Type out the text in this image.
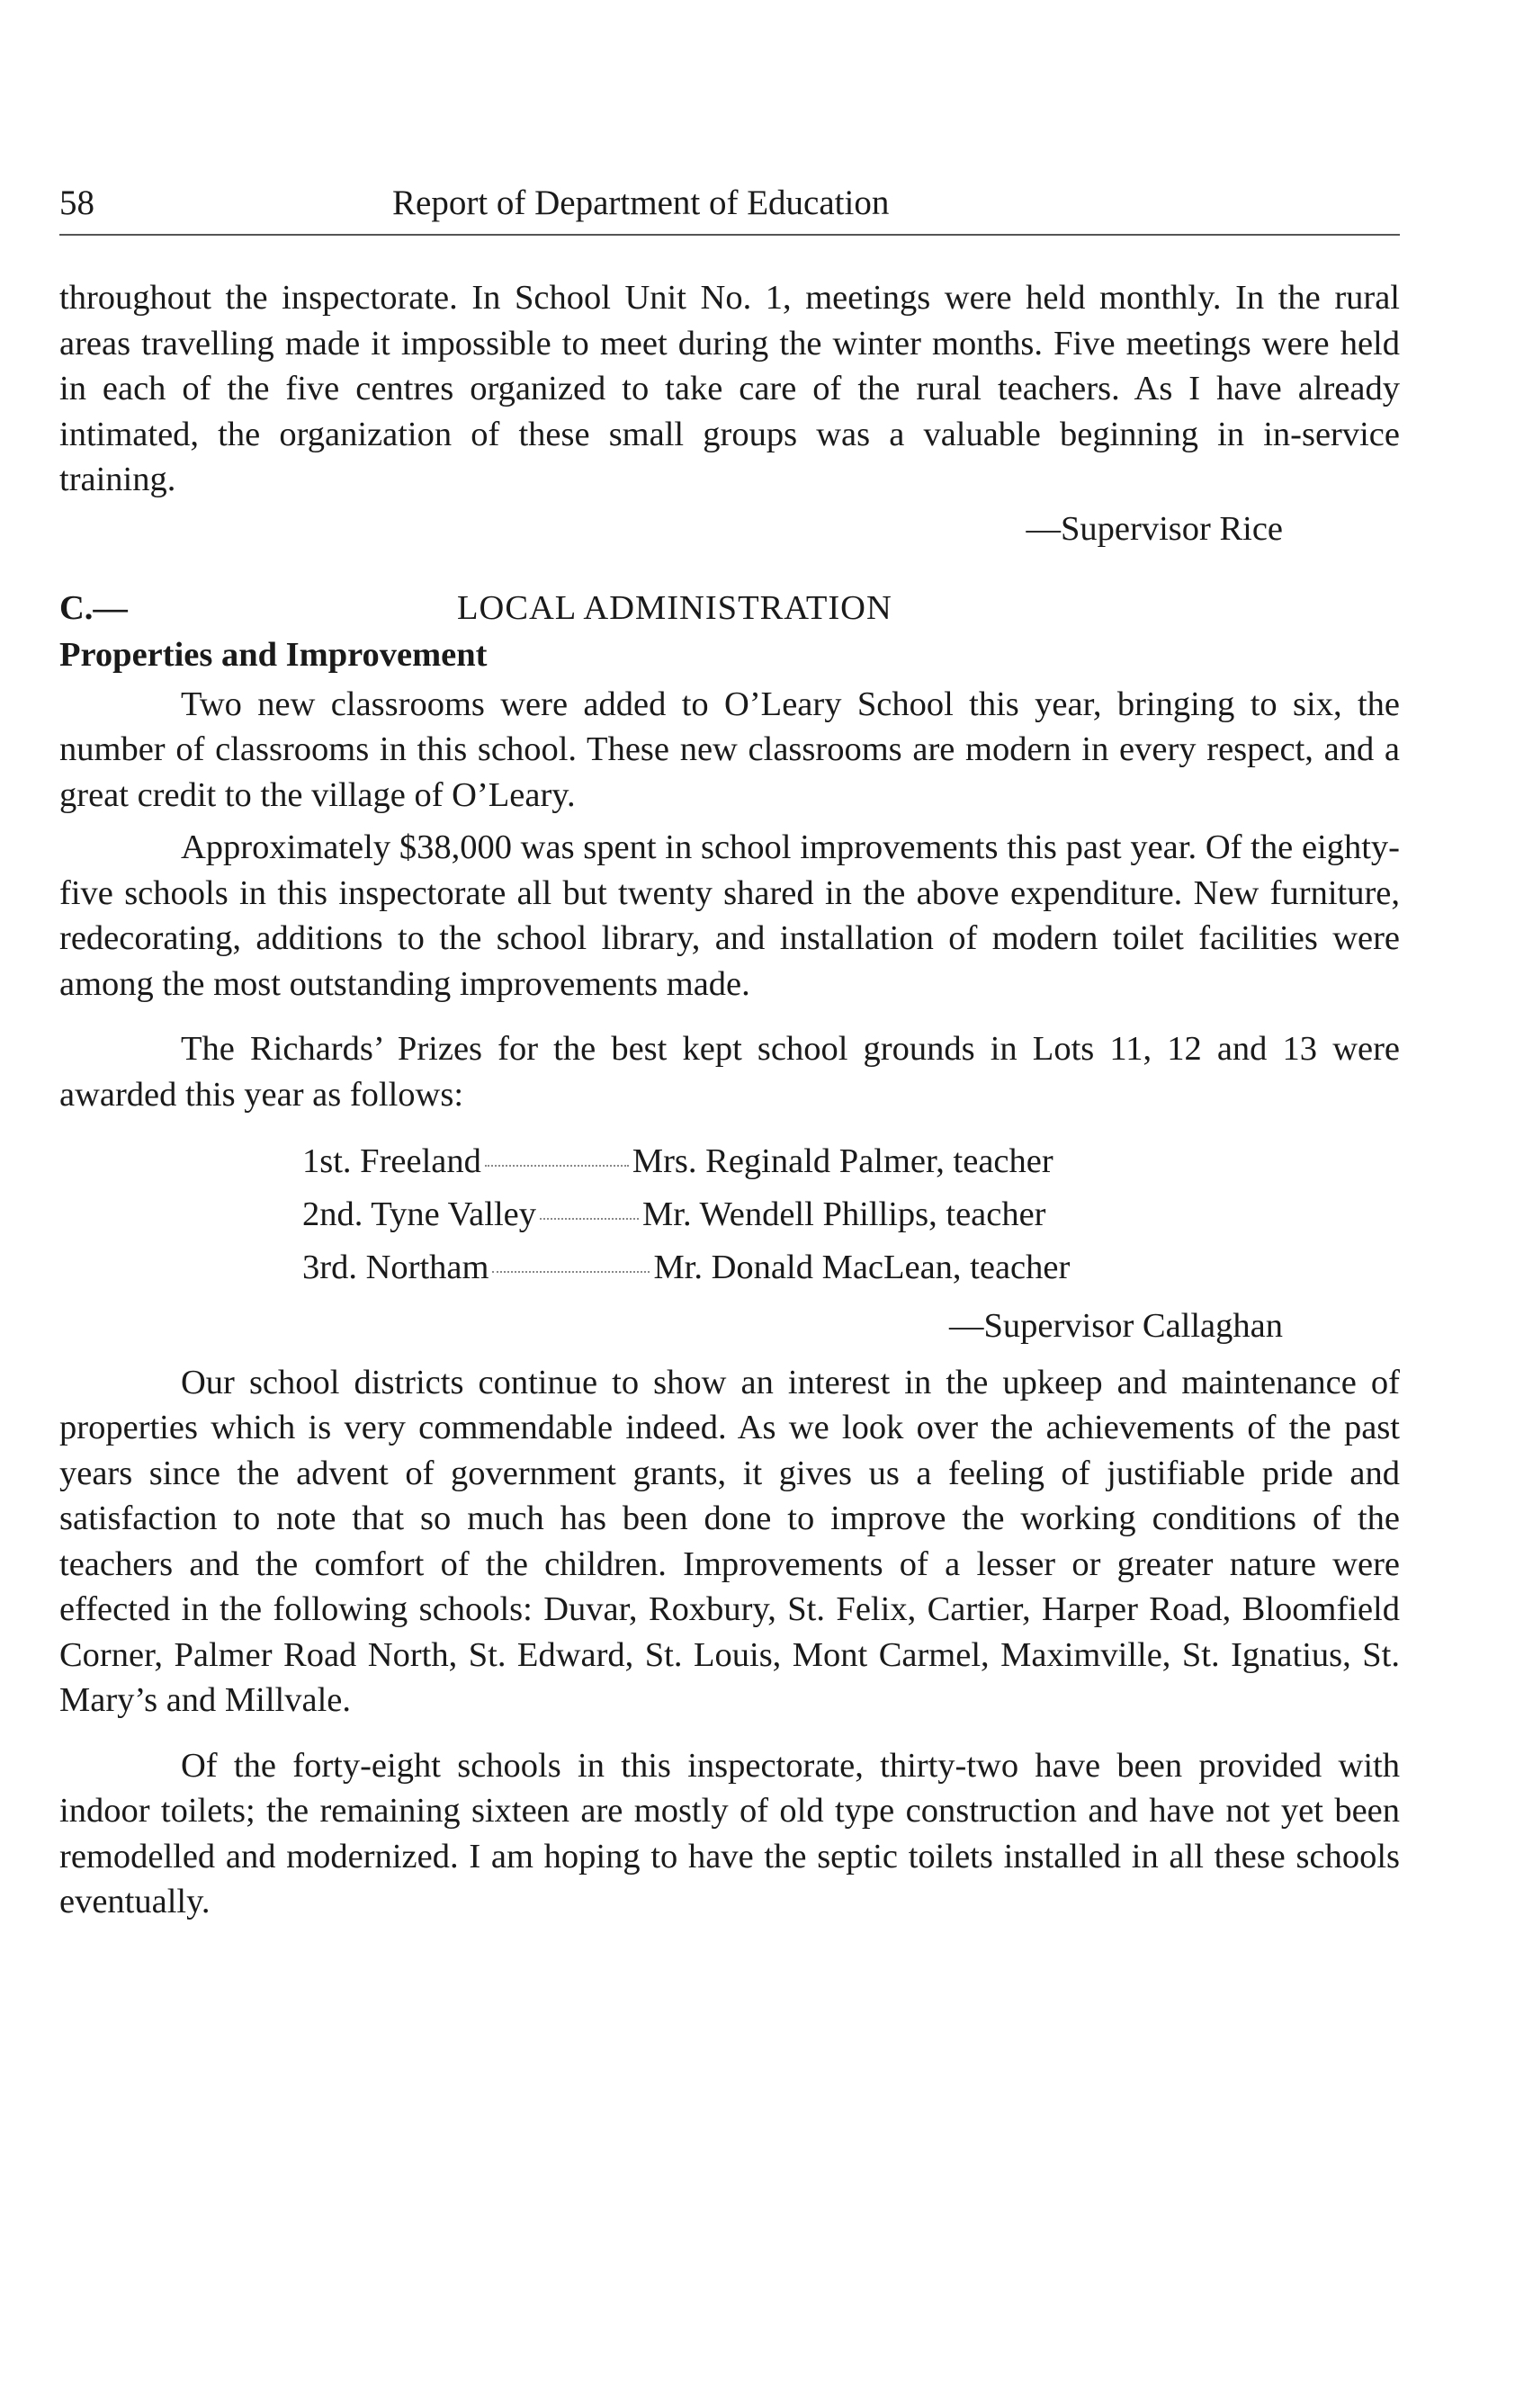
58	Report of Department of Education

throughout the inspectorate. In School Unit No. 1, meetings were held monthly. In the rural areas travelling made it impossible to meet during the winter months. Five meetings were held in each of the five centres organized to take care of the rural teachers. As I have already intimated, the organization of these small groups was a valuable beginning in in-service training.

—Supervisor Rice

C.—	LOCAL ADMINISTRATION

Properties and Improvement

Two new classrooms were added to O’Leary School this year, bringing to six, the number of classrooms in this school. These new classrooms are modern in every respect, and a great credit to the village of O’Leary.

Approximately $38,000 was spent in school improvements this past year. Of the eighty-five schools in this inspectorate all but twenty shared in the above expenditure. New furniture, redecorating, additions to the school library, and installation of modern toilet facilities were among the most outstanding improvements made.

The Richards’ Prizes for the best kept school grounds in Lots 11, 12 and 13 were awarded this year as follows:

1st. Freeland	Mrs. Reginald Palmer, teacher
2nd. Tyne Valley	Mr. Wendell Phillips, teacher
3rd. Northam	Mr. Donald MacLean, teacher

—Supervisor Callaghan

Our school districts continue to show an interest in the upkeep and maintenance of properties which is very commendable indeed. As we look over the achievements of the past years since the advent of government grants, it gives us a feeling of justifiable pride and satisfaction to note that so much has been done to improve the working conditions of the teachers and the comfort of the children. Improvements of a lesser or greater nature were effected in the following schools: Duvar, Roxbury, St. Felix, Cartier, Harper Road, Bloomfield Corner, Palmer Road North, St. Edward, St. Louis, Mont Carmel, Maximville, St. Ignatius, St. Mary’s and Millvale.

Of the forty-eight schools in this inspectorate, thirty-two have been provided with indoor toilets; the remaining sixteen are mostly of old type construction and have not yet been remodelled and modernized. I am hoping to have the septic toilets installed in all these schools eventually.
